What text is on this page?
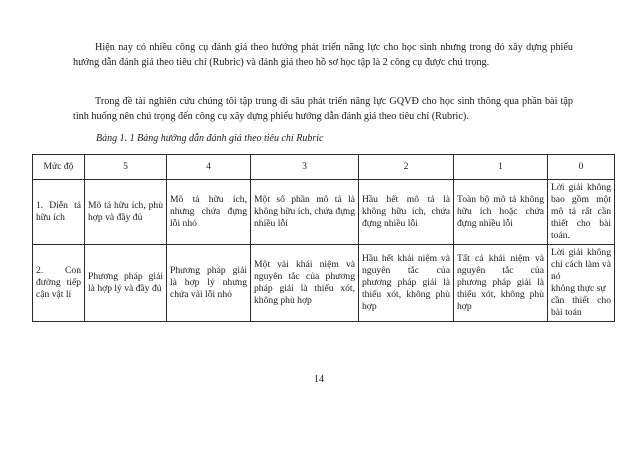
Hiện nay có nhiều công cụ đánh giá theo hướng phát triển năng lực cho học sinh nhưng trong đó xây dựng phiếu hướng dẫn đánh giá theo tiêu chí (Rubric) và đánh giá theo hồ sơ học tập là 2 công cụ được chú trọng.

Trong đề tài nghiên cứu chúng tôi tập trung đi sâu phát triển năng lực GQVĐ cho học sinh thông qua phần bài tập tình huống nên chú trọng đến công cụ xây dựng phiếu hướng dẫn đánh giá theo tiêu chí (Rubric).

Bảng 1. 1 Bảng hướng dẫn đánh giá theo tiêu chí Rubric
Mức độ	5	4	3	2	1	0
1. Diễn tả hữu ích	Mô tả hữu ích, phù hợp và đầy đủ	Mô tả hữu ích, nhưng chứa đựng lỗi nhỏ	Một số phần mô tả là không hữu ích, chứa đựng nhiều lỗi	Hầu hết mô tả là không hữu ích, chứa đựng nhiều lỗi	Toàn bộ mô tả không hữu ích hoặc chứa đựng nhiều lỗi	Lời giải không bao gồm một mô tả rất cần thiết cho bài toán.

2. Con đường tiếp cận vật lí	Phương pháp giải là hợp lý và đầy đủ	Phương pháp giải là hợp lý nhưng chứa vài lỗi nhỏ	Một vài khái niệm và nguyên tắc của phương pháp giải là thiếu xót, không phù hợp	Hầu hết khái niệm và nguyên tắc của phương pháp giải là thiếu xót, không phù hợp	Tất cả khái niệm và nguyên tắc của phương pháp giải là thiếu xót, không phù hợp	Lời giải không chỉ cách làm và nó
không thực sự
cần thiết cho bài toán
14
